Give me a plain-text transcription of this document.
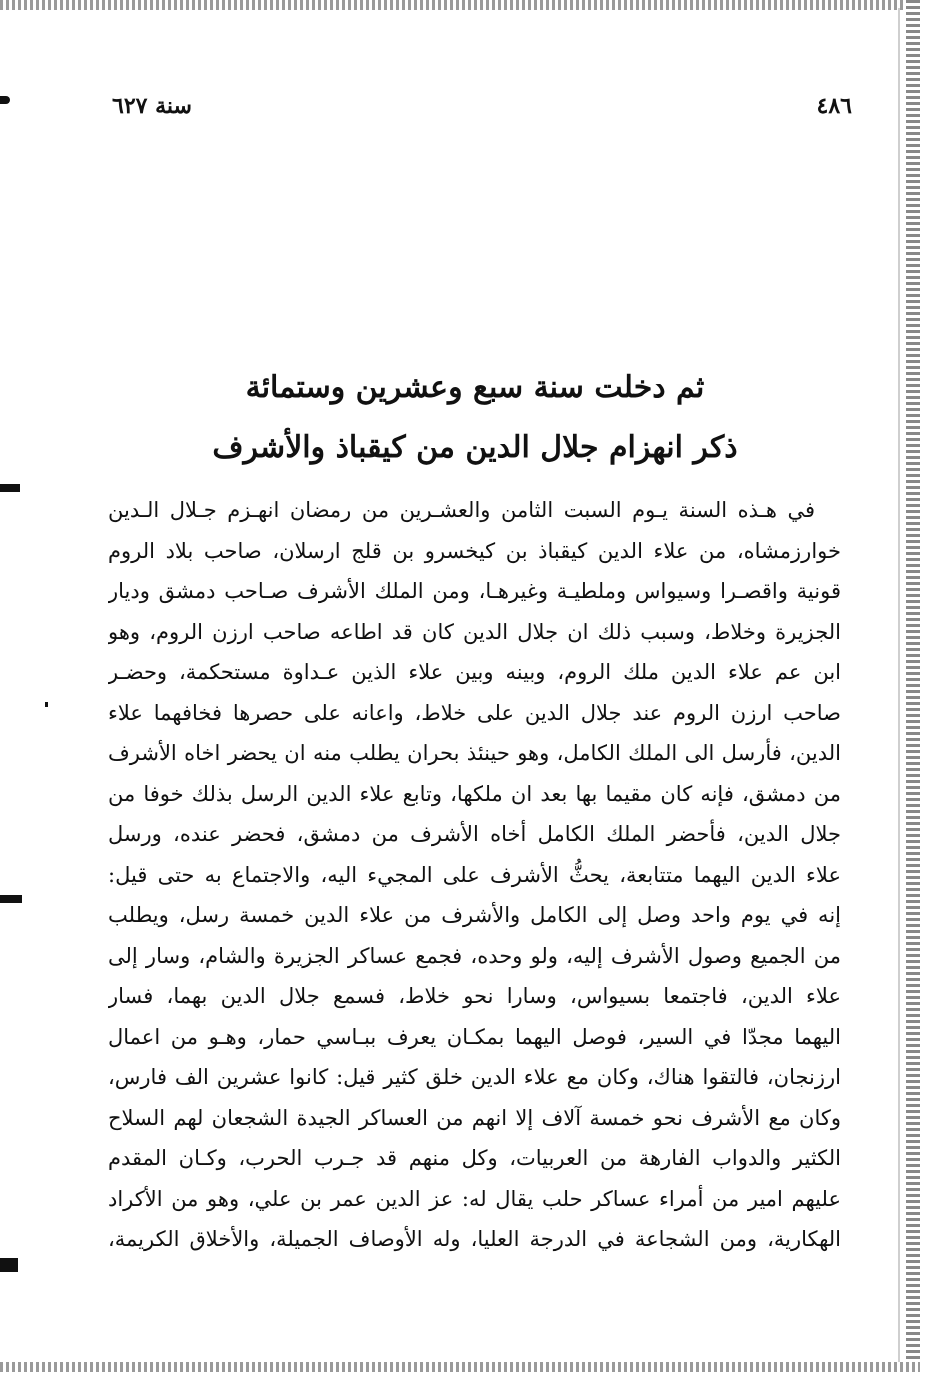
٤٨٦
سنة ٦٢٧
ثم دخلت سنة سبع وعشرين وستمائة
ذكر انهزام جلال الدين من كيقباذ والأشرف
في هـذه السنة يـوم السبت الثامن والعشـرين من رمضان انهـزم جـلال الـدين
خوارزمشاه، من علاء الدين كيقباذ بن كيخسرو بن قلج ارسلان، صاحب بلاد الروم
قونية واقصـرا وسيواس وملطيـة وغيرهـا، ومن الملك الأشرف صـاحب دمشق وديار
الجزيرة وخلاط، وسبب ذلك ان جلال الدين كان قد اطاعه صاحب ارزن الروم، وهو
ابن عم علاء الدين ملك الروم، وبينه وبين علاء الذين عـداوة مستحكمة، وحضـر
صاحب ارزن الروم عند جلال الدين على خلاط، واعانه على حصرها فخافهما علاء
الدين، فأرسل الى الملك الكامل، وهو حينئذ بحران يطلب منه ان يحضر اخاه الأشرف
من دمشق، فإنه كان مقيما بها بعد ان ملكها، وتابع علاء الدين الرسل بذلك خوفا من
جلال الدين، فأحضر الملك الكامل أخاه الأشرف من دمشق، فحضر عنده، ورسل
علاء الدين اليهما متتابعة، يحثُّ الأشرف على المجيء اليه، والاجتماع به حتى قيل:
إنه في يوم واحد وصل إلى الكامل والأشرف من علاء الدين خمسة رسل، ويطلب
من الجميع وصول الأشرف إليه، ولو وحده، فجمع عساكر الجزيرة والشام، وسار إلى
علاء الدين، فاجتمعا بسيواس، وسارا نحو خلاط، فسمع جلال الدين بهما، فسار
اليهما مجدّا في السير، فوصل اليهما بمكـان يعرف ببـاسي حمار، وهـو من اعمال
ارزنجان، فالتقوا هناك، وكان مع علاء الدين خلق كثير قيل: كانوا عشرين الف فارس،
وكان مع الأشرف نحو خمسة آلاف إلا انهم من العساكر الجيدة الشجعان لهم السلاح
الكثير والدواب الفارهة من العربيات، وكل منهم قد جـرب الحرب، وكـان المقدم
عليهم امير من أمراء عساكر حلب يقال له: عز الدين عمر بن علي، وهو من الأكراد
الهكارية، ومن الشجاعة في الدرجة العليا، وله الأوصاف الجميلة، والأخلاق الكريمة،
